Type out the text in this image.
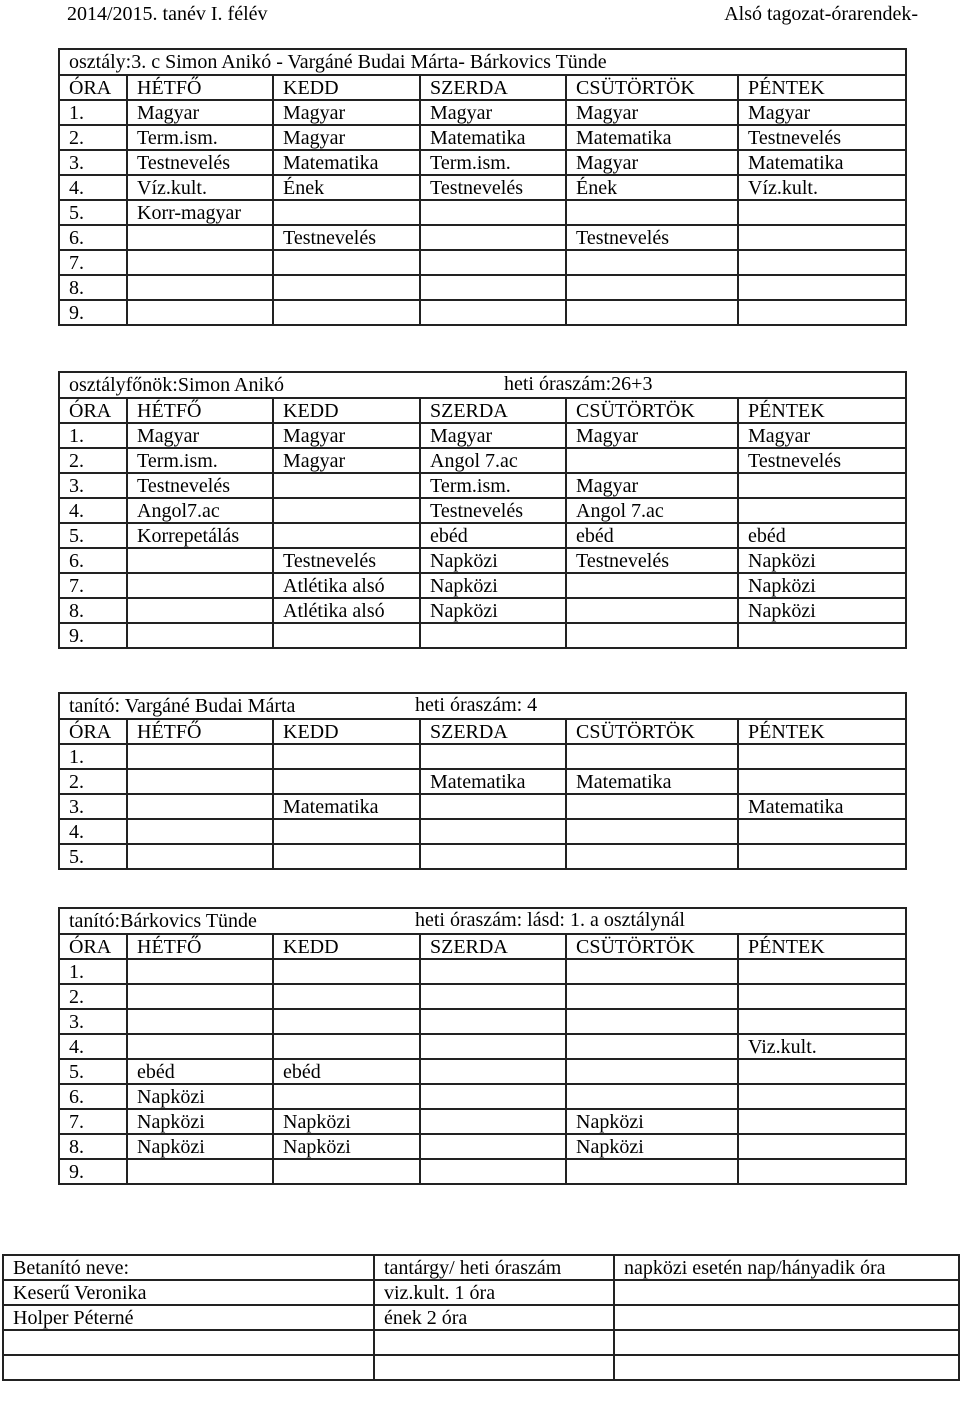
2014/2015. tanév I. félév	Alsó tagozat-órarendek-
osztály:3. c Simon Anikó - Vargáné Budai Márta- Bárkovics Tünde					
ÓRA	HÉTFŐ	KEDD	SZERDA	CSÜTÖRTÖK	PÉNTEK
1.	Magyar	Magyar	Magyar	Magyar	Magyar
2.	Term.ism.	Magyar	Matematika	Matematika	Testnevelés
3.	Testnevelés	Matematika	Term.ism.	Magyar	Matematika
4.	Víz.kult.	Ének	Testnevelés	Ének	Víz.kult.
5.	Korr-magyar				
6.		Testnevelés		Testnevelés	
7.					
8.					
9.					
osztályfőnök:Simon Anikó heti óraszám:26+3					

ÓRA	HÉTFŐ	KEDD	SZERDA	CSÜTÖRTÖK	PÉNTEK
1.	Magyar	Magyar	Magyar	Magyar	Magyar
2.	Term.ism.	Magyar	Angol 7.ac		Testnevelés
3.	Testnevelés		Term.ism.	Magyar	
4.	Angol7.ac		Testnevelés	Angol 7.ac	
5.	Korrepetálás		ebéd	ebéd	ebéd
6.		Testnevelés	Napközi	Testnevelés	Napközi
7.		Atlétika alsó	Napközi		Napközi
8.		Atlétika alsó	Napközi		Napközi
9.					
tanító: Vargáné Budai Márta heti óraszám: 4					

ÓRA	HÉTFŐ	KEDD	SZERDA	CSÜTÖRTÖK	PÉNTEK
1.					
2.			Matematika	Matematika	
3.		Matematika			Matematika
4.					
5.					
tanító:Bárkovics Tünde heti óraszám: lásd: 1. a osztálynál					

ÓRA	HÉTFŐ	KEDD	SZERDA	CSÜTÖRTÖK	PÉNTEK
1.					
2.					
3.					
4.					Viz.kult.
5.	ebéd	ebéd			
6.	Napközi				
7.	Napközi	Napközi		Napközi	
8.	Napközi	Napközi		Napközi	
9.					
Betanító neve:	tantárgy/ heti óraszám	napközi esetén nap/hányadik óra
Keserű Veronika	viz.kult. 1 óra	
Holper Péterné	ének 2 óra	
